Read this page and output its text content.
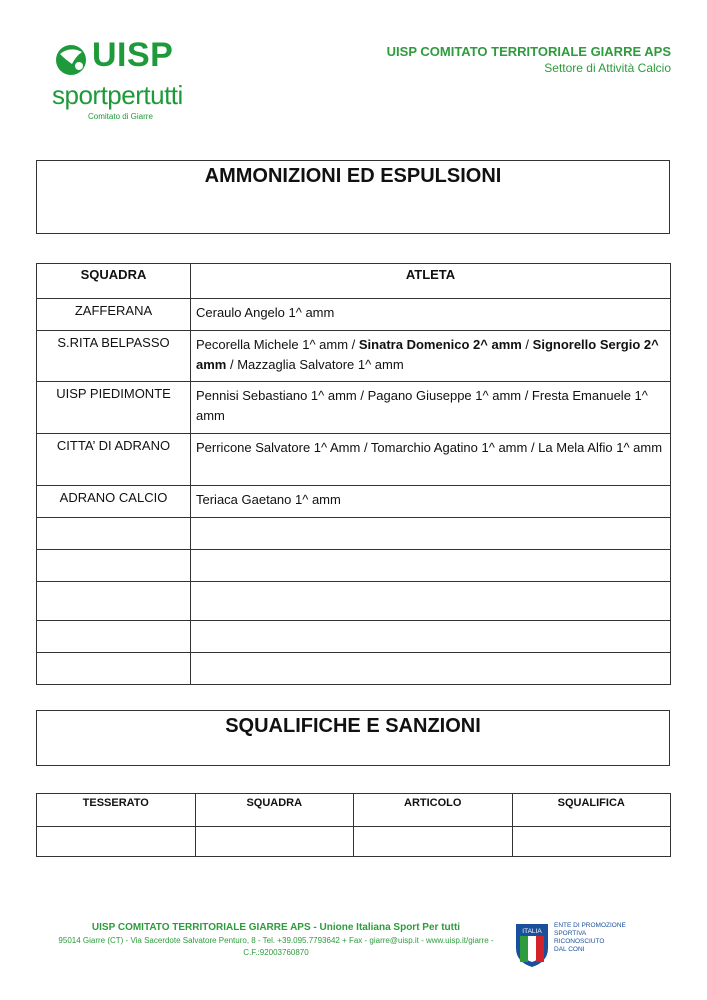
UISP
sportpertutti
Comitato di Giarre
UISP COMITATO TERRITORIALE GIARRE APS
Settore di Attività Calcio
AMMONIZIONI ED ESPULSIONI
SQUADRA	ATLETA
ZAFFERANA	Ceraulo Angelo 1^ amm
S.RITA BELPASSO	Pecorella Michele 1^ amm / Sinatra Domenico 2^ amm / Signorello Sergio 2^ amm / Mazzaglia Salvatore 1^ amm
UISP PIEDIMONTE	Pennisi Sebastiano 1^ amm / Pagano Giuseppe 1^ amm / Fresta Emanuele 1^ amm
CITTA’ DI ADRANO	Perricone Salvatore 1^ Amm / Tomarchio Agatino 1^ amm / La Mela Alfio 1^ amm
ADRANO CALCIO	Teriaca Gaetano 1^ amm

SQUALIFICHE E SANZIONI
TESSERATO	SQUADRA	ARTICOLO	SQUALIFICA

UISP COMITATO TERRITORIALE GIARRE APS - Unione Italiana Sport Per tutti
95014 Giarre (CT) - Via Sacerdote Salvatore Penturo, 8 - Tel. +39.095.7793642 + Fax - giarre@uisp.it - www.uisp.it/giarre -
C.F.:92003760870
ITALIA
ENTE DI PROMOZIONE
SPORTIVA
RICONOSCIUTO
DAL CONI
